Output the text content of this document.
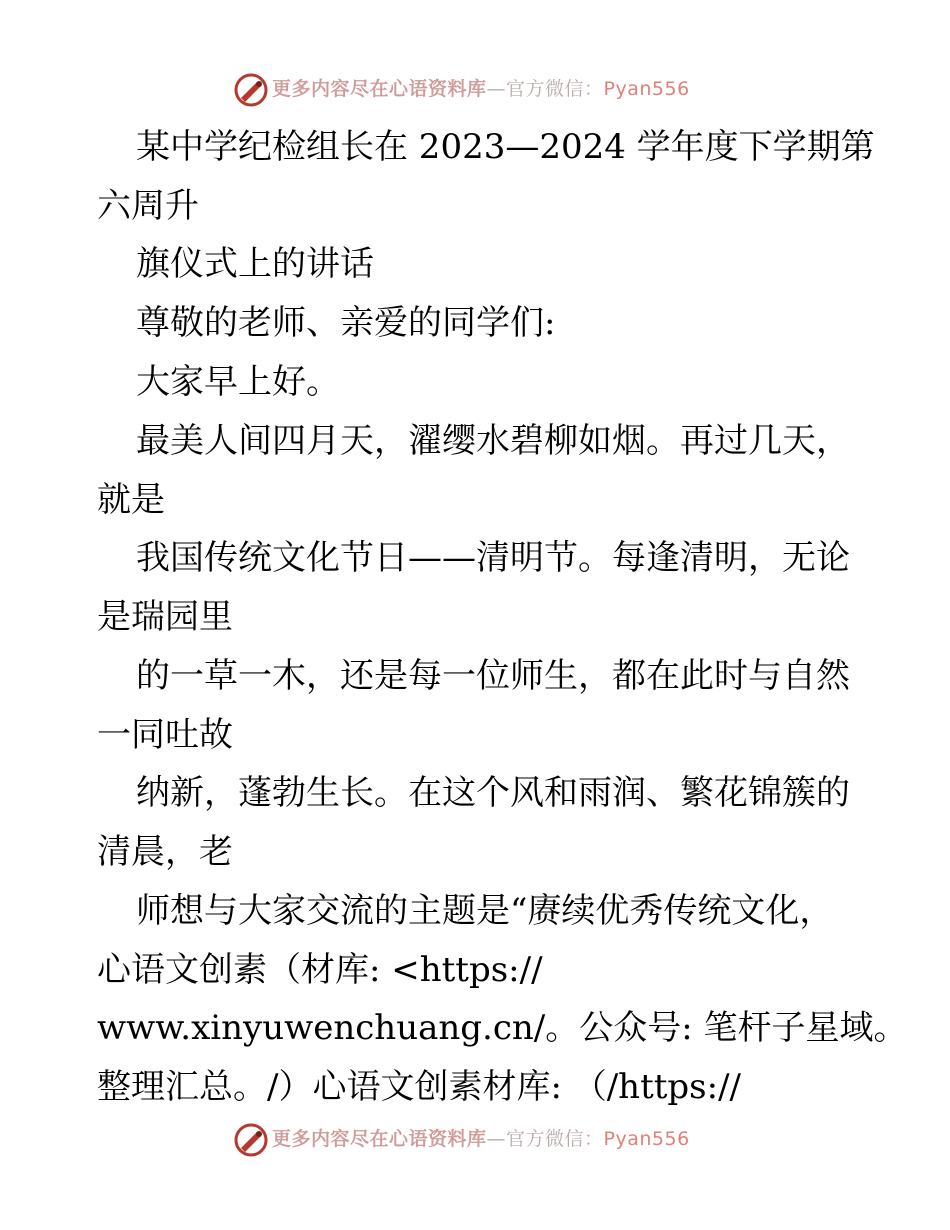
更多内容尽在心语资料库—官方微信：Pyan556
某中学纪检组长在 2023—2024 学年度下学期第
六周升
旗仪式上的讲话
尊敬的老师、亲爱的同学们:
大家早上好。
最美人间四月天，濯缨水碧柳如烟。再过几天，
就是
我国传统文化节日——清明节。每逢清明，无论
是瑞园里
的一草一木，还是每一位师生，都在此时与自然
一同吐故
纳新，蓬勃生长。在这个风和雨润、繁花锦簇的
清晨，老
师想与大家交流的主题是“赓续优秀传统文化，
心语文创素（材库: <https://
www.xinyuwenchuang.cn/。公众号: 笔杆子星域。
整理汇总。/）心语文创素材库: （/https://
更多内容尽在心语资料库—官方微信：Pyan556
